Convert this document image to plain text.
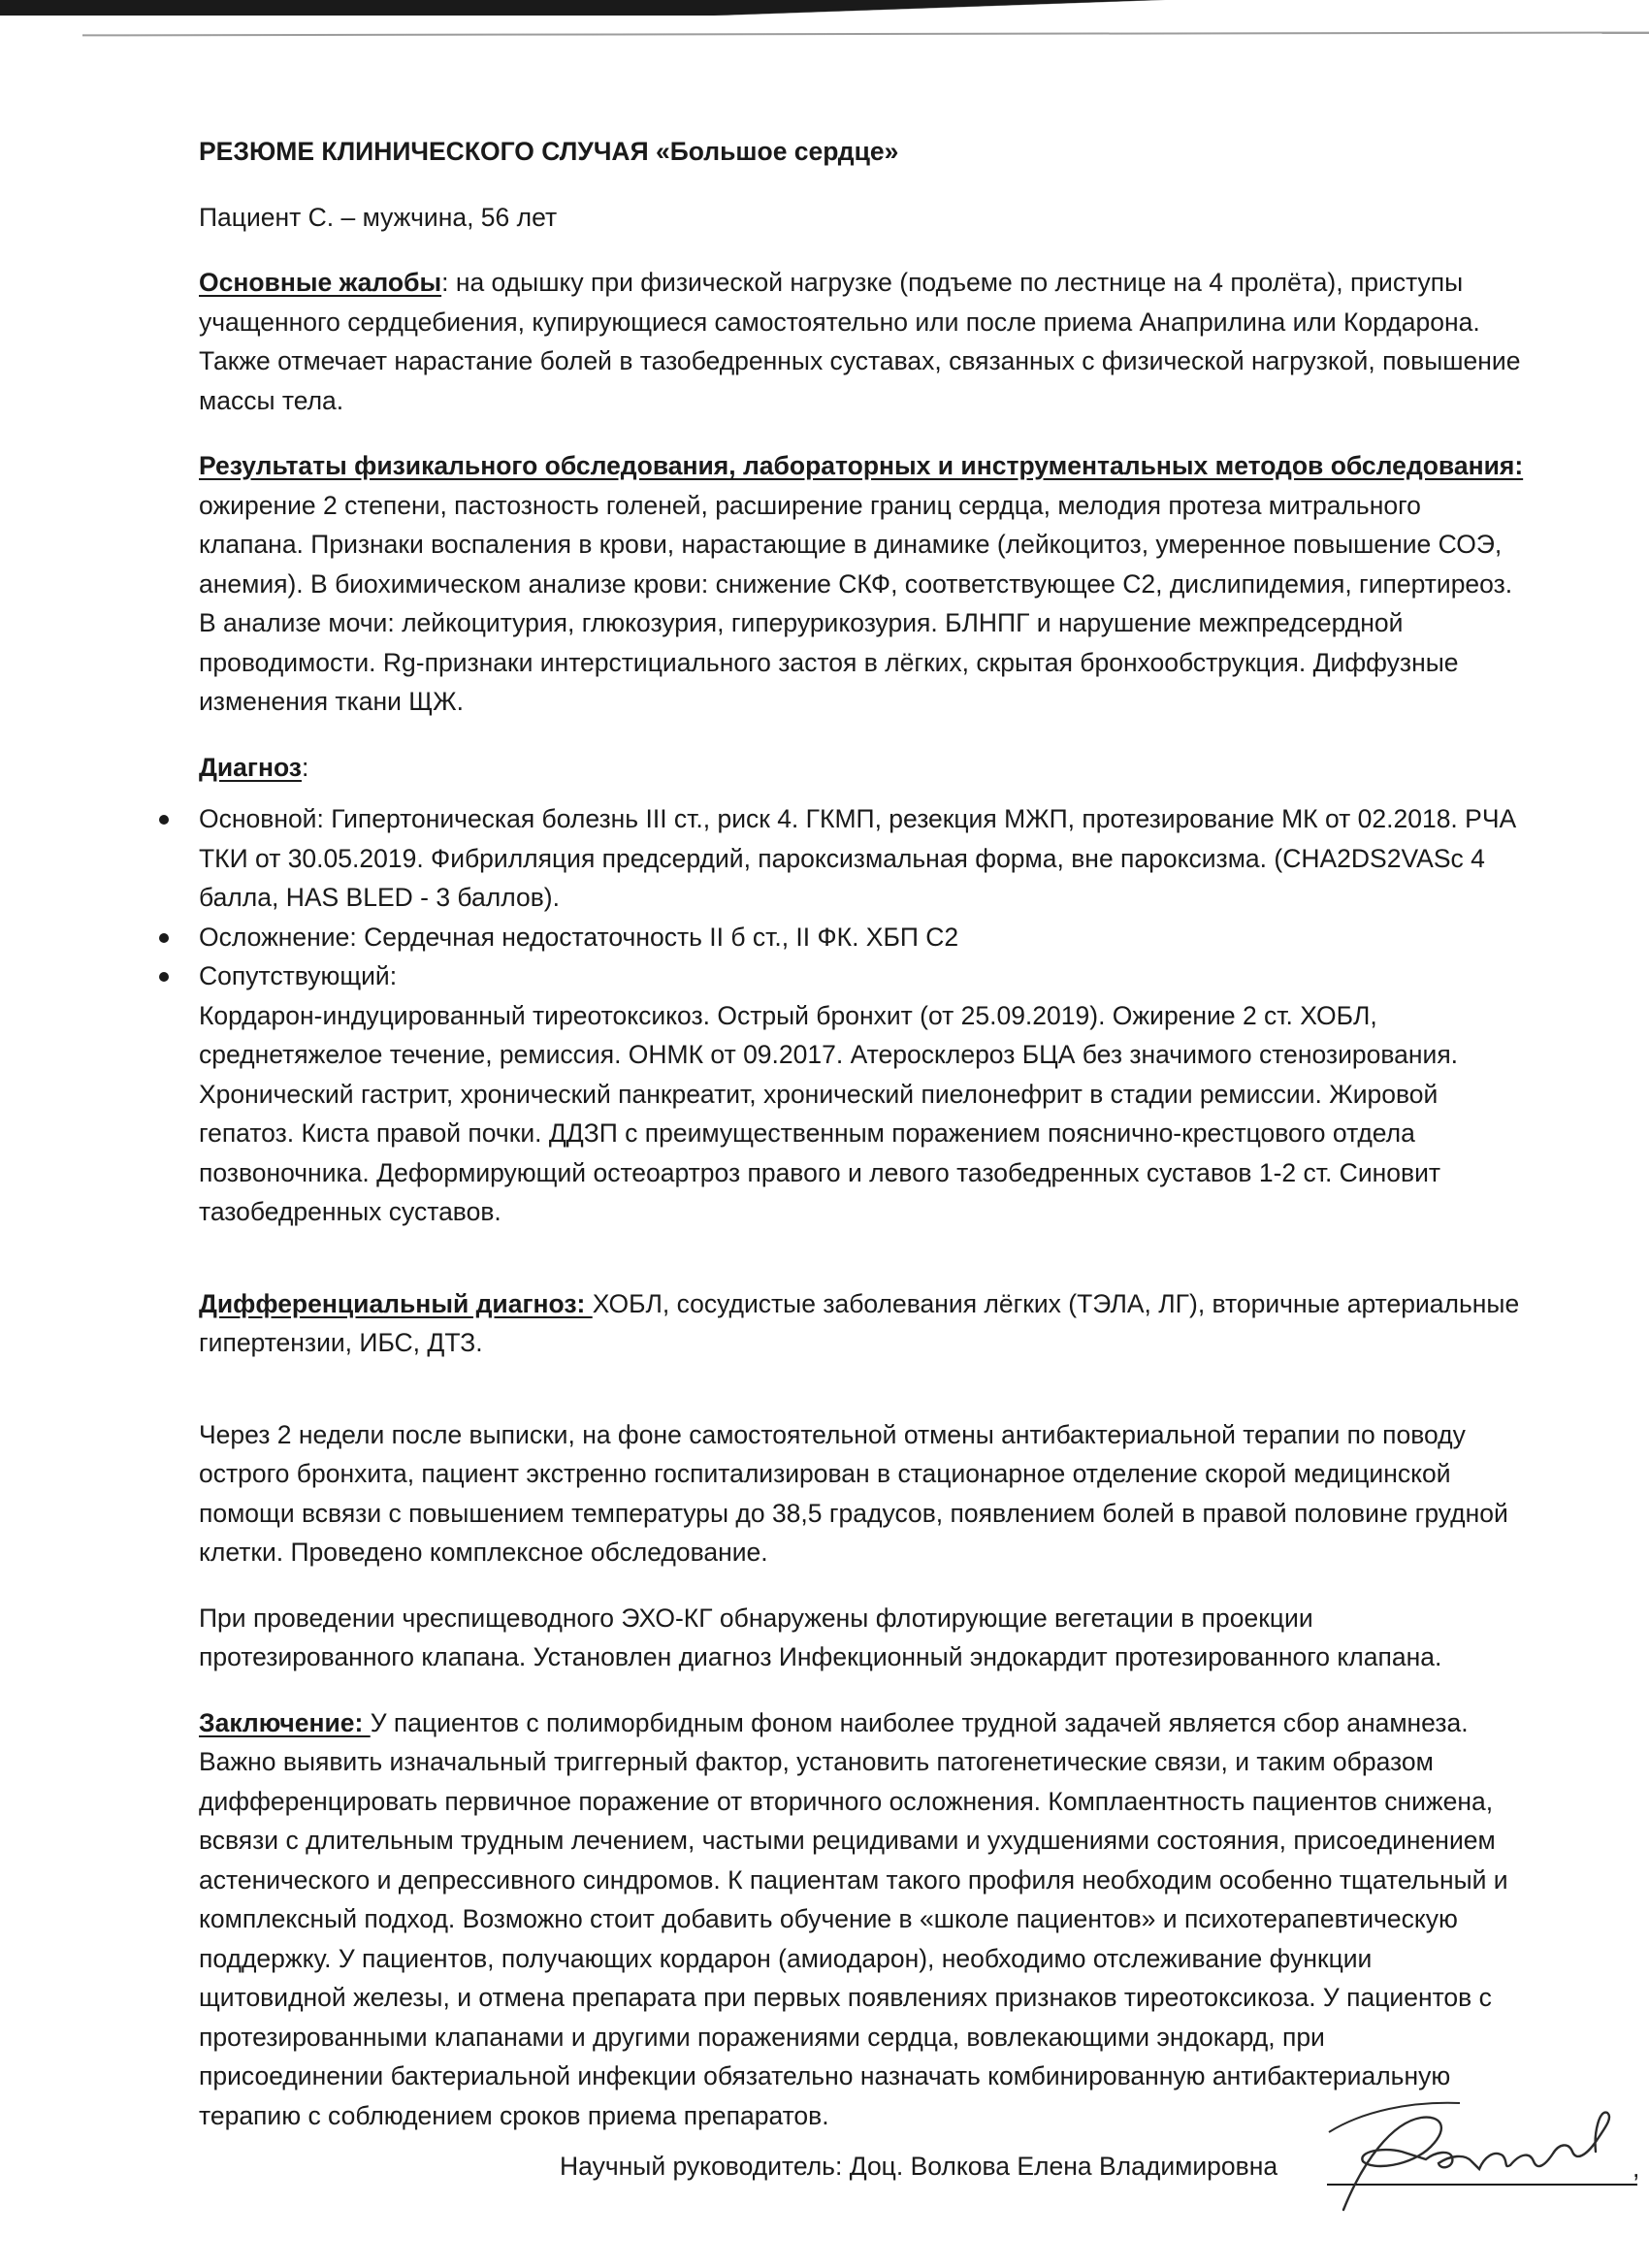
РЕЗЮМЕ КЛИНИЧЕСКОГО СЛУЧАЯ «Большое сердце»

Пациент С. – мужчина, 56 лет

Основные жалобы: на одышку при физической нагрузке (подъеме по лестнице на 4 пролёта), приступы

учащенного сердцебиения, купирующиеся самостоятельно или после приема Анаприлина или Кордарона.

Также отмечает нарастание болей в тазобедренных суставах, связанных с физической нагрузкой, повышение

массы тела.

Результаты физикального обследования, лабораторных и инструментальных методов обследования:

ожирение 2 степени, пастозность голеней, расширение границ сердца, мелодия протеза митрального

клапана. Признаки воспаления в крови, нарастающие в динамике (лейкоцитоз, умеренное повышение СОЭ,

анемия). В биохимическом анализе крови: снижение СКФ, соответствующее С2, дислипидемия, гипертиреоз.

В анализе мочи: лейкоцитурия, глюкозурия, гиперурикозурия. БЛНПГ и нарушение межпредсердной

проводимости. Rg-признаки интерстициального застоя в лёгких, скрытая бронхообструкция. Диффузные

изменения ткани ЩЖ.

Диагноз:

Основной: Гипертоническая болезнь III ст., риск 4. ГКМП, резекция МЖП, протезирование МК от 02.2018. РЧА

ТКИ от 30.05.2019. Фибрилляция предсердий, пароксизмальная форма, вне пароксизма. (CHA2DS2VASc 4

балла, HAS BLED - 3 баллов).

Осложнение: Сердечная недостаточность II б ст., II ФК. ХБП С2

Сопутствующий:

Кордарон-индуцированный тиреотоксикоз. Острый бронхит (от 25.09.2019). Ожирение 2 ст. ХОБЛ,

среднетяжелое течение, ремиссия. ОНМК от 09.2017. Атеросклероз БЦА без значимого стенозирования.

Хронический гастрит, хронический панкреатит, хронический пиелонефрит в стадии ремиссии. Жировой

гепатоз. Киста правой почки. ДДЗП с преимущественным поражением пояснично-крестцового отдела

позвоночника. Деформирующий остеоартроз правого и левого тазобедренных суставов 1-2 ст. Синовит

тазобедренных суставов.

Дифференциальный диагноз: ХОБЛ, сосудистые заболевания лёгких (ТЭЛА, ЛГ), вторичные артериальные

гипертензии, ИБС, ДТЗ.

Через 2 недели после выписки, на фоне самостоятельной отмены антибактериальной терапии по поводу

острого бронхита, пациент экстренно госпитализирован в стационарное отделение скорой медицинской

помощи всвязи с повышением температуры до 38,5 градусов, появлением болей в правой половине грудной

клетки. Проведено комплексное обследование.

При проведении чреспищеводного ЭХО-КГ обнаружены флотирующие вегетации в проекции

протезированного клапана. Установлен диагноз Инфекционный эндокардит протезированного клапана.

Заключение: У пациентов с полиморбидным фоном наиболее трудной задачей является сбор анамнеза.

Важно выявить изначальный триггерный фактор, установить патогенетические связи, и таким образом

дифференцировать первичное поражение от вторичного осложнения. Комплаентность пациентов снижена,

всвязи с длительным трудным лечением, частыми рецидивами и ухудшениями состояния, присоединением

астенического и депрессивного синдромов. К пациентам такого профиля необходим особенно тщательный и

комплексный подход. Возможно стоит добавить обучение в «школе пациентов» и психотерапевтическую

поддержку. У пациентов, получающих кордарон (амиодарон), необходимо отслеживание функции

щитовидной железы, и отмена препарата при первых появлениях признаков тиреотоксикоза. У пациентов с

протезированными клапанами и другими поражениями сердца, вовлекающими эндокард, при

присоединении бактериальной инфекции обязательно назначать комбинированную антибактериальную

терапию с соблюдением сроков приема препаратов.

Научный руководитель: Доц. Волкова Елена Владимировна	,
